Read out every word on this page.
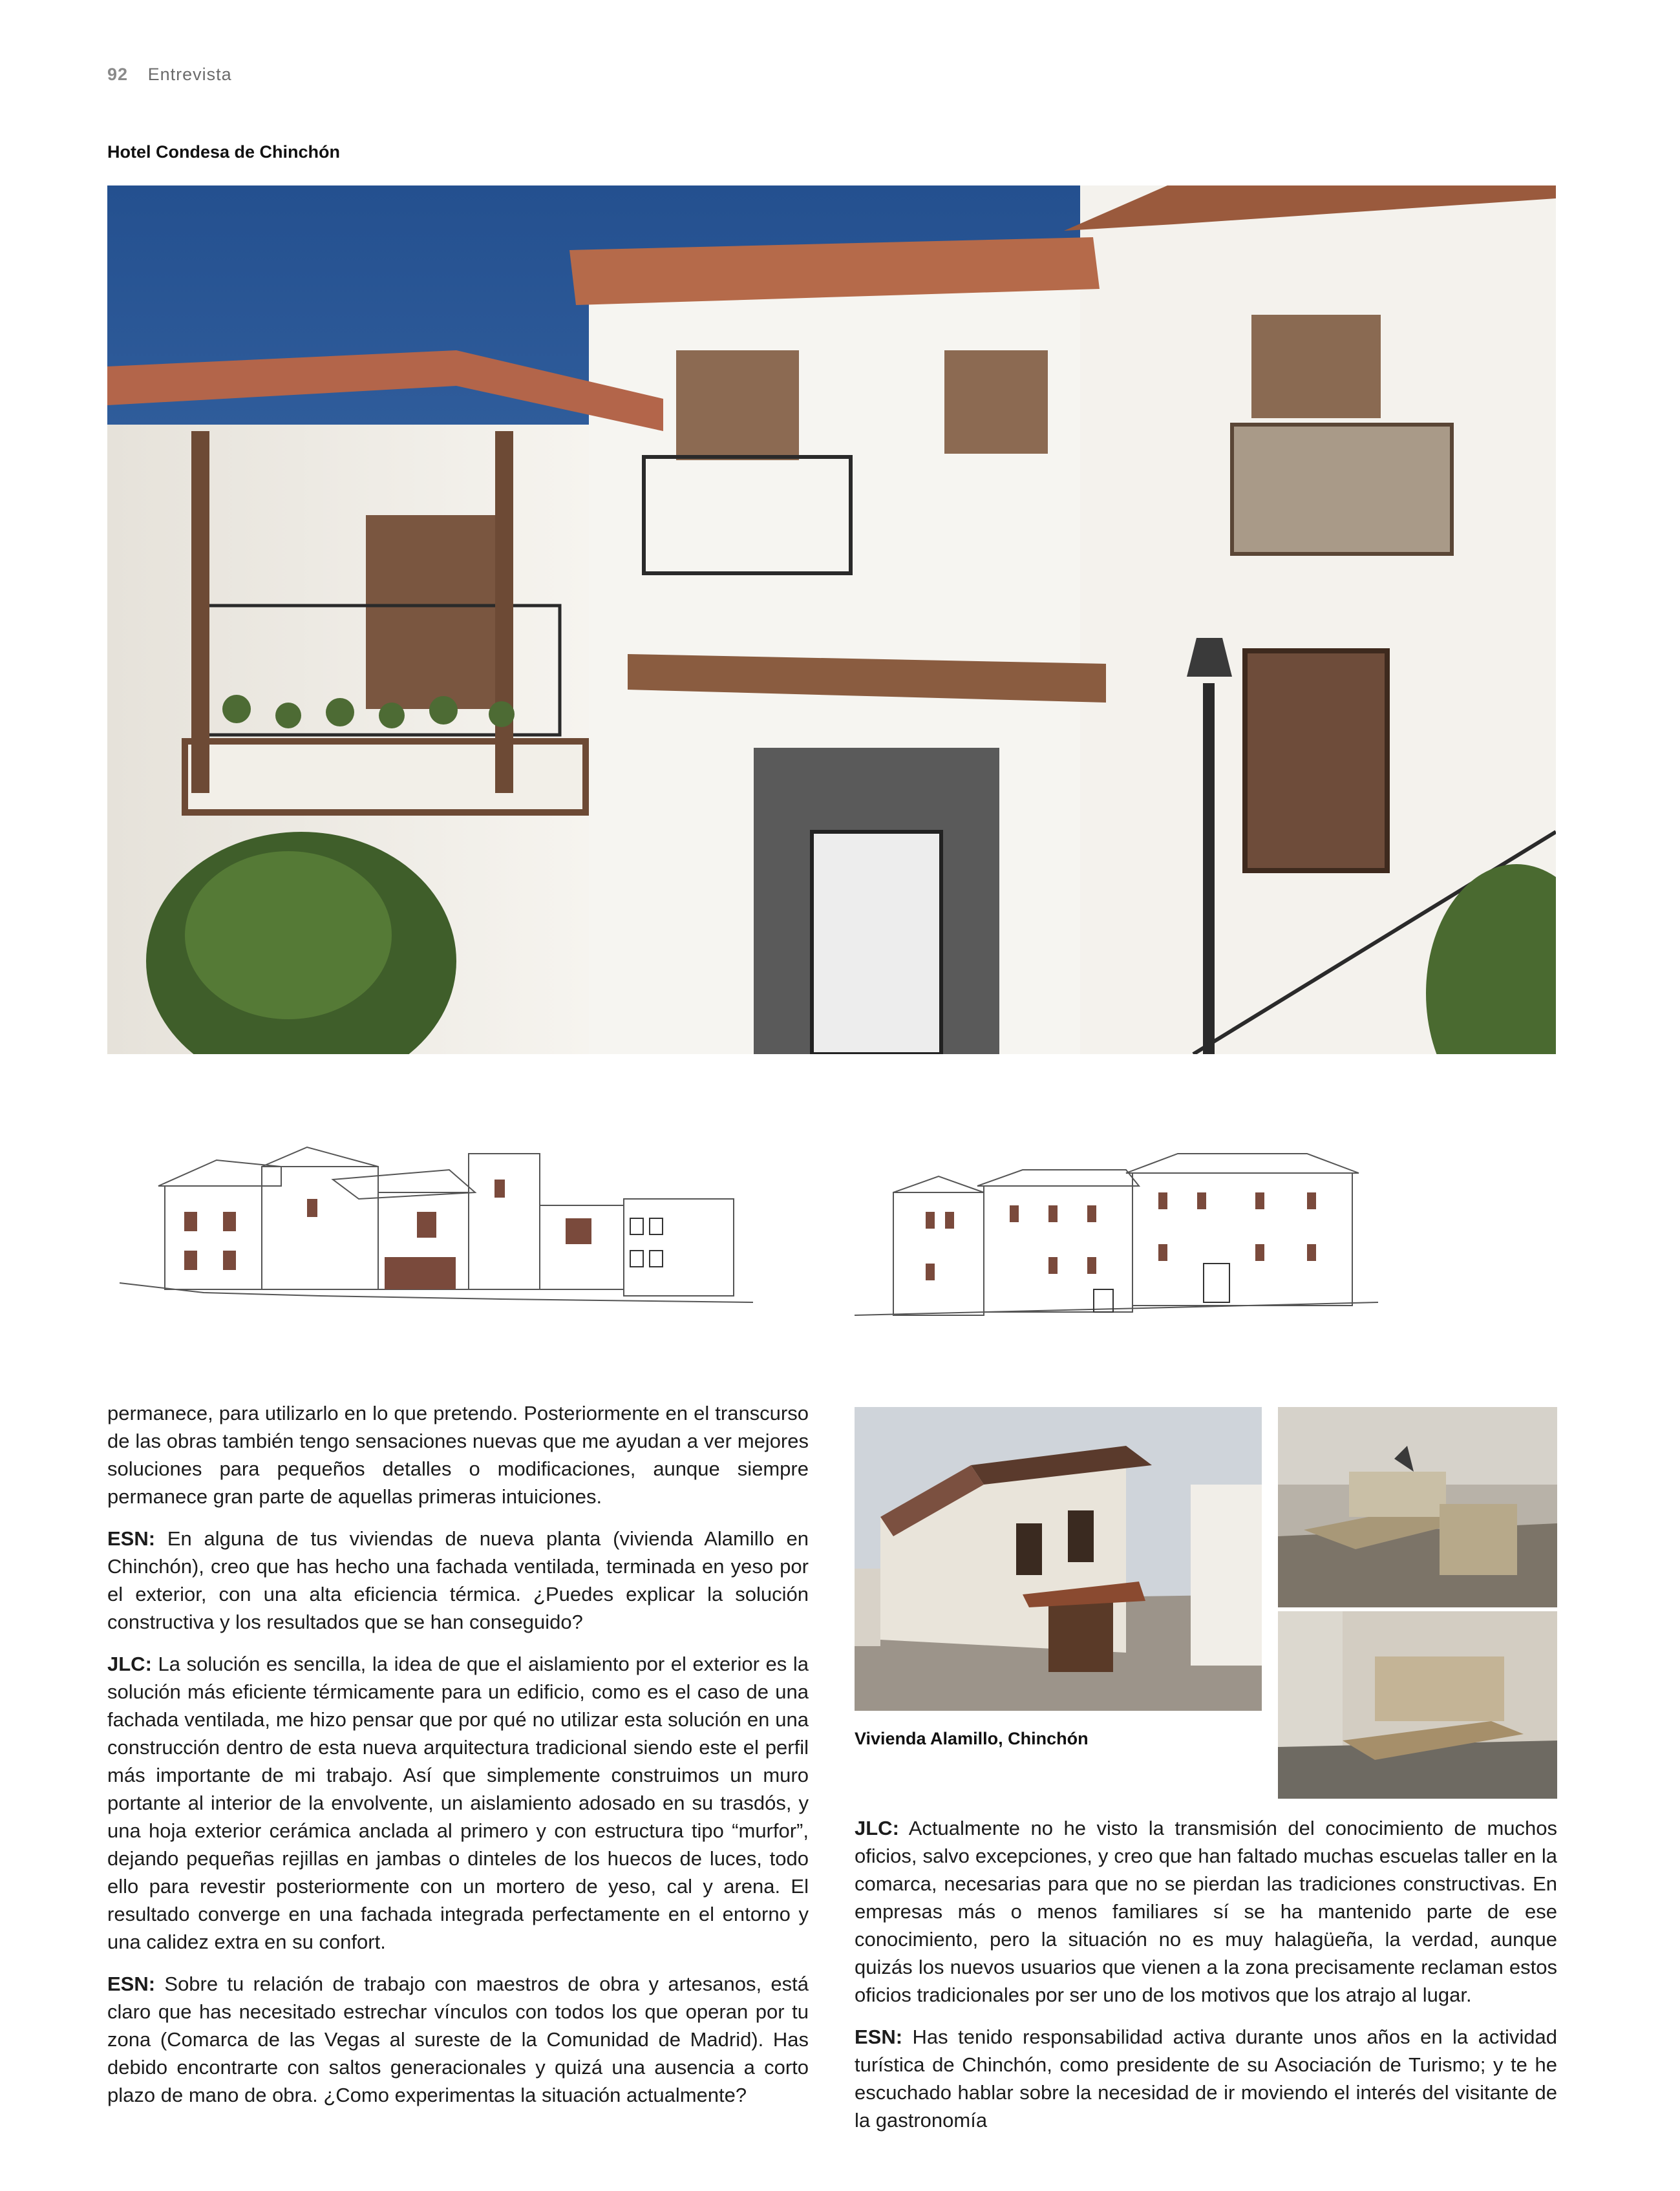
92 Entrevista
Hotel Condesa de Chinchón

permanece, para utilizarlo en lo que pretendo. Posteriormente en el transcurso de las obras también tengo sensaciones nuevas que me ayudan a ver mejores soluciones para pequeños detalles o modificaciones, aunque siempre permanece gran parte de aquellas primeras intuiciones.

ESN: En alguna de tus viviendas de nueva planta (vivienda Alamillo en Chinchón), creo que has hecho una fachada ventilada, terminada en yeso por el exterior, con una alta eficiencia térmica. ¿Puedes explicar la solución constructiva y los resultados que se han conseguido?

JLC: La solución es sencilla, la idea de que el aislamiento por el exterior es la solución más eficiente térmicamente para un edificio, como es el caso de una fachada ventilada, me hizo pensar que por qué no utilizar esta solución en una construcción dentro de esta nueva arquitectura tradicional siendo este el perfil más importante de mi trabajo. Así que simplemente construimos un muro portante al interior de la envolvente, un aislamiento adosado en su trasdós, y una hoja exterior cerámica anclada al primero y con estructura tipo “murfor”, dejando pequeñas rejillas en jambas o dinteles de los huecos de luces, todo ello para revestir posteriormente con un mortero de yeso, cal y arena. El resultado converge en una fachada integrada perfectamente en el entorno y una calidez extra en su confort.

ESN: Sobre tu relación de trabajo con maestros de obra y artesanos, está claro que has necesitado estrechar vínculos con todos los que operan por tu zona (Comarca de las Vegas al sureste de la Comunidad de Madrid). Has debido encontrarte con saltos generacionales y quizá una ausencia a corto plazo de mano de obra. ¿Como experimentas la situación actualmente?

Vivienda Alamillo, Chinchón

JLC: Actualmente no he visto la transmisión del conocimiento de muchos oficios, salvo excepciones, y creo que han faltado muchas escuelas taller en la comarca, necesarias para que no se pierdan las tradiciones constructivas. En empresas más o menos familiares sí se ha mantenido parte de ese conocimiento, pero la situación no es muy halagüeña, la verdad, aunque quizás los nuevos usuarios que vienen a la zona precisamente reclaman estos oficios tradicionales por ser uno de los motivos que los atrajo al lugar.

ESN: Has tenido responsabilidad activa durante unos años en la actividad turística de Chinchón, como presidente de su Asociación de Turismo; y te he escuchado hablar sobre la necesidad de ir moviendo el interés del visitante de la gastronomía
